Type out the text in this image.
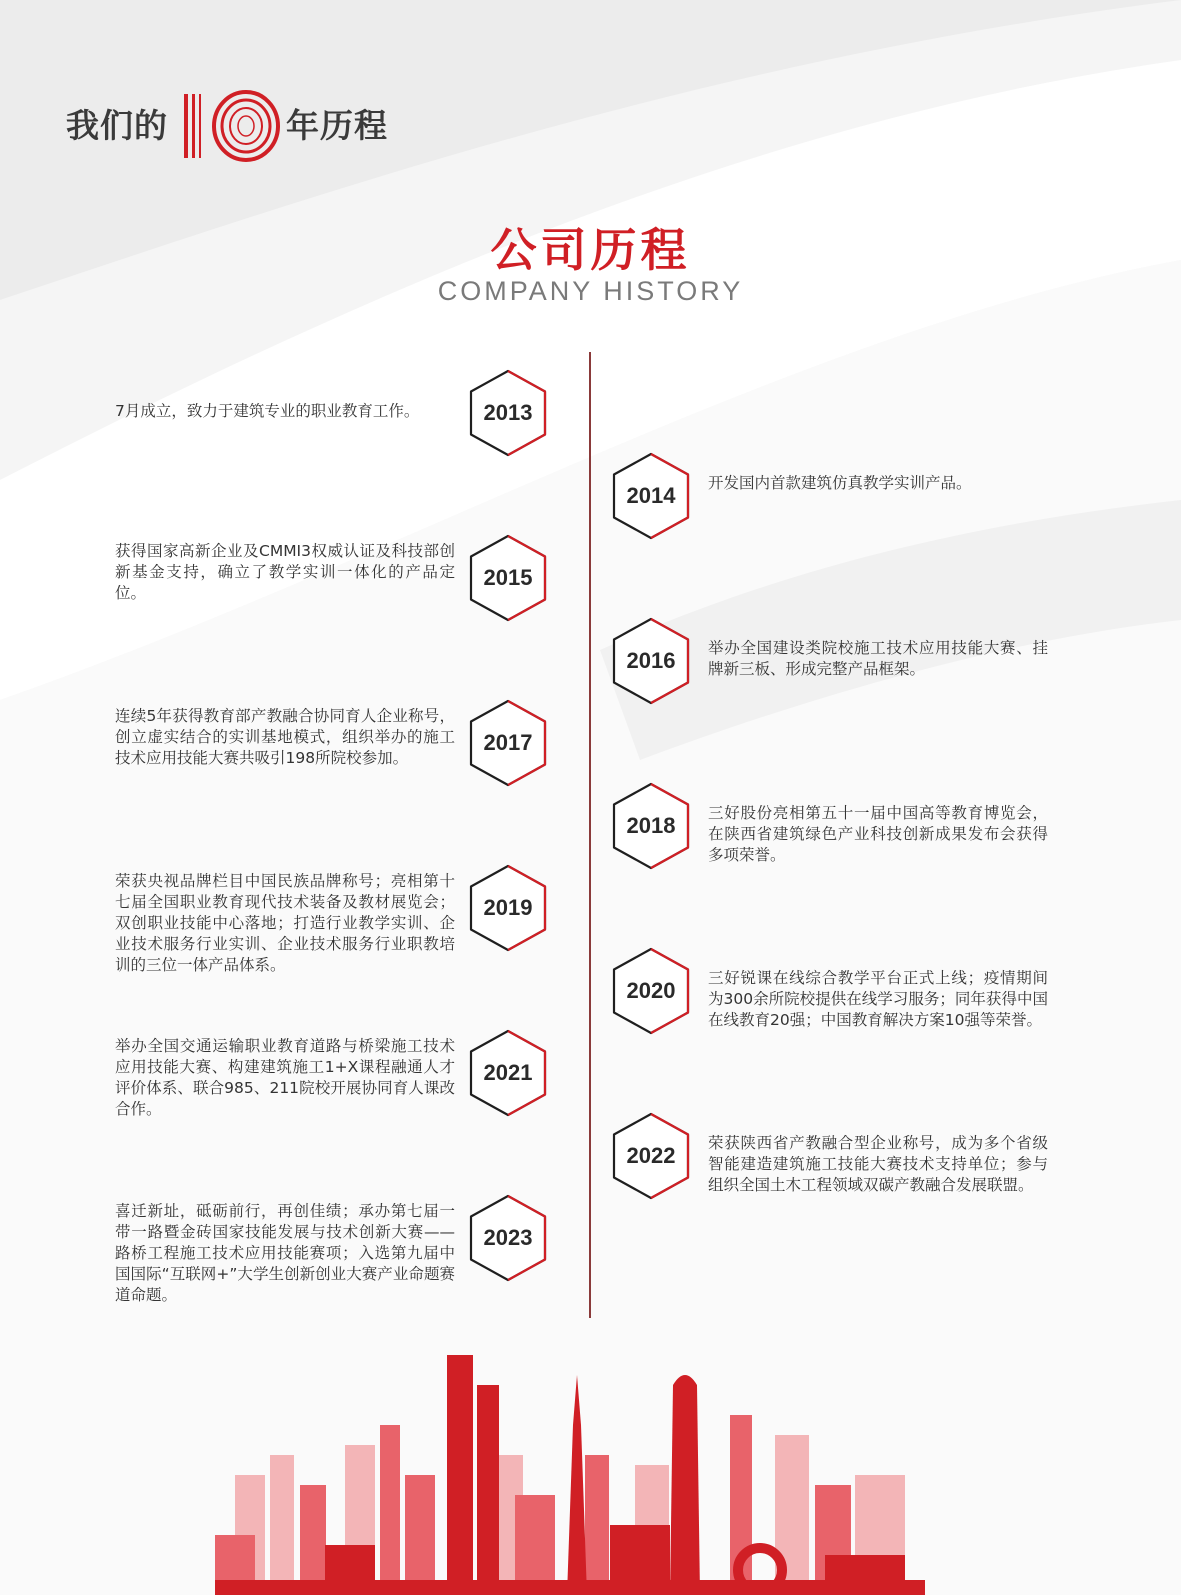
我们的	年历程
公司历程
COMPANY HISTORY
2013
7月成立，致力于建筑专业的职业教育工作。
2014	开发国内首款建筑仿真教学实训产品。
2015
获得国家高新企业及CMMI3权威认证及科技部创新基金支持，确立了教学实训一体化的产品定位。
2016	举办全国建设类院校施工技术应用技能大赛、挂牌新三板、形成完整产品框架。
2017
连续5年获得教育部产教融合协同育人企业称号，创立虚实结合的实训基地模式，组织举办的施工技术应用技能大赛共吸引198所院校参加。
2018	三好股份亮相第五十一届中国高等教育博览会，在陕西省建筑绿色产业科技创新成果发布会获得多项荣誉。
2019
荣获央视品牌栏目中国民族品牌称号；亮相第十七届全国职业教育现代技术装备及教材展览会；双创职业技能中心落地；打造行业教学实训、企业技术服务行业实训、企业技术服务行业职教培训的三位一体产品体系。
2020	三好锐课在线综合教学平台正式上线；疫情期间为300余所院校提供在线学习服务；同年获得中国在线教育20强；中国教育解决方案10强等荣誉。
2021
举办全国交通运输职业教育道路与桥梁施工技术应用技能大赛、构建建筑施工1+X课程融通人才评价体系、联合985、211院校开展协同育人课改合作。
2022	荣获陕西省产教融合型企业称号，成为多个省级智能建造建筑施工技能大赛技术支持单位；参与组织全国土木工程领域双碳产教融合发展联盟。
2023
喜迁新址，砥砺前行，再创佳绩；承办第七届一带一路暨金砖国家技能发展与技术创新大赛——路桥工程施工技术应用技能赛项；入选第九届中国国际“互联网+”大学生创新创业大赛产业命题赛道命题。
